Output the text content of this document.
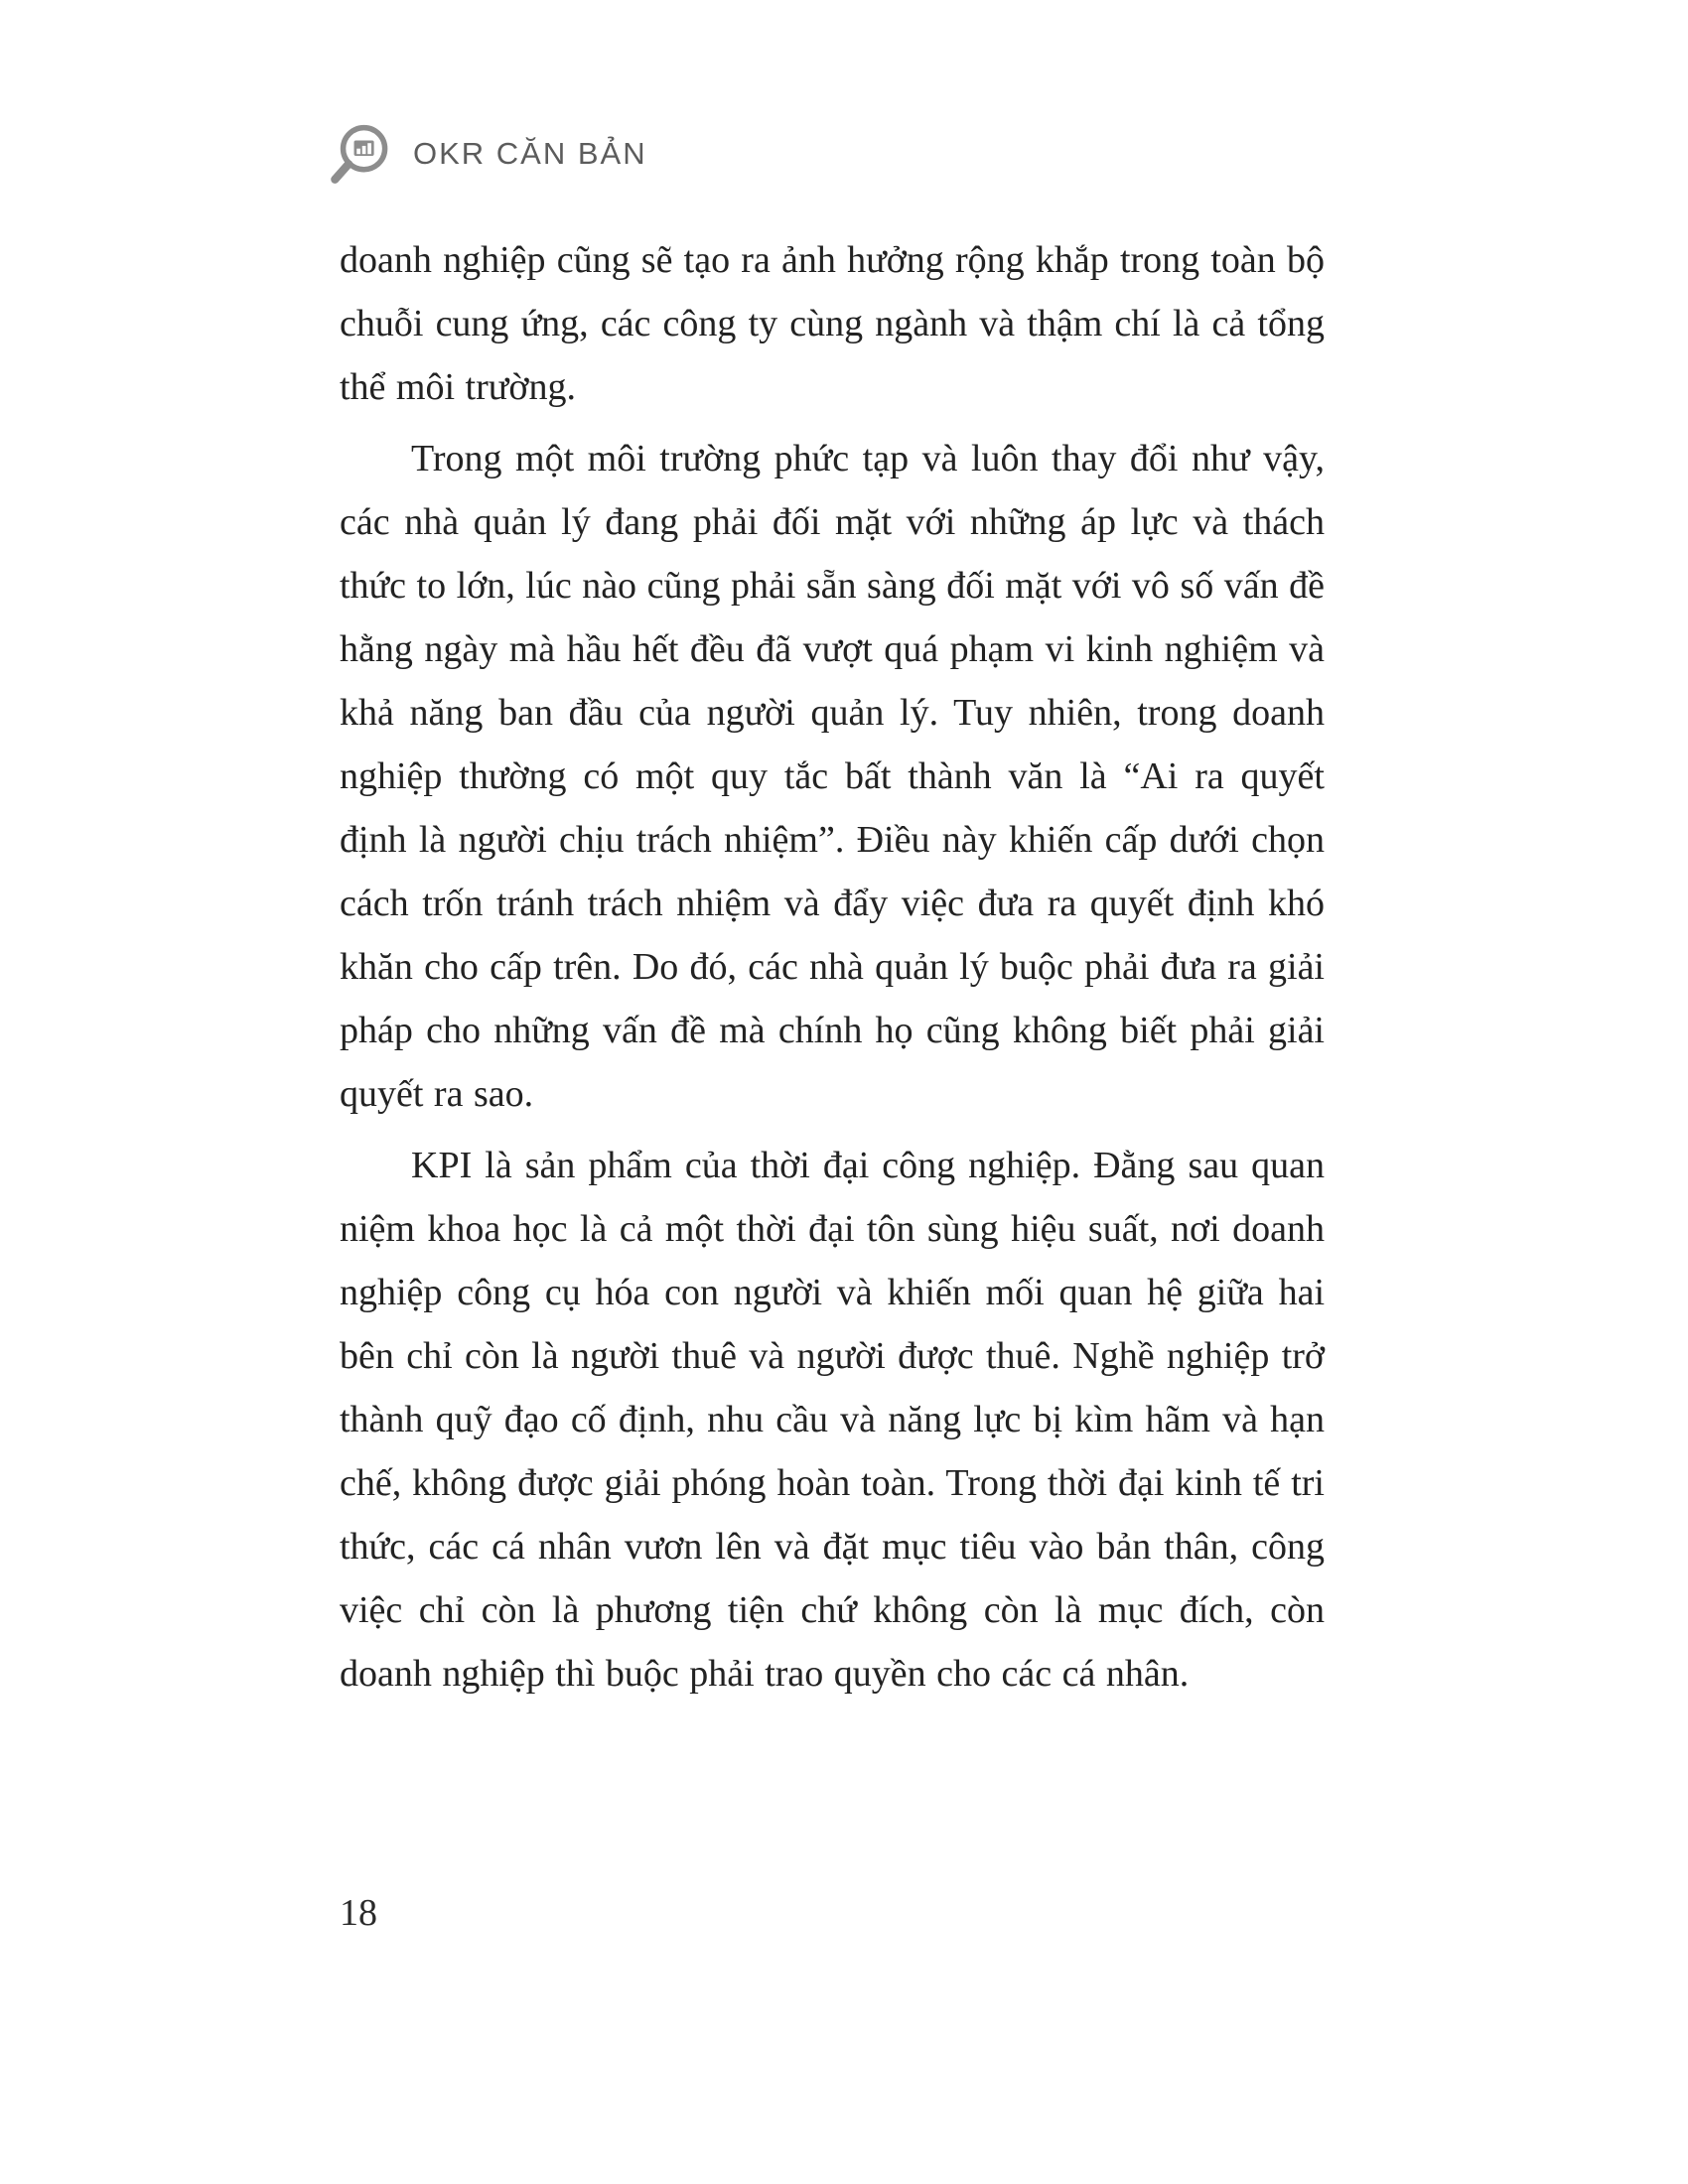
OKR CĂN BẢN

doanh nghiệp cũng sẽ tạo ra ảnh hưởng rộng khắp trong toàn bộ chuỗi cung ứng, các công ty cùng ngành và thậm chí là cả tổng thể môi trường.

Trong một môi trường phức tạp và luôn thay đổi như vậy, các nhà quản lý đang phải đối mặt với những áp lực và thách thức to lớn, lúc nào cũng phải sẵn sàng đối mặt với vô số vấn đề hằng ngày mà hầu hết đều đã vượt quá phạm vi kinh nghiệm và khả năng ban đầu của người quản lý. Tuy nhiên, trong doanh nghiệp thường có một quy tắc bất thành văn là “Ai ra quyết định là người chịu trách nhiệm”. Điều này khiến cấp dưới chọn cách trốn tránh trách nhiệm và đẩy việc đưa ra quyết định khó khăn cho cấp trên. Do đó, các nhà quản lý buộc phải đưa ra giải pháp cho những vấn đề mà chính họ cũng không biết phải giải quyết ra sao.

KPI là sản phẩm của thời đại công nghiệp. Đằng sau quan niệm khoa học là cả một thời đại tôn sùng hiệu suất, nơi doanh nghiệp công cụ hóa con người và khiến mối quan hệ giữa hai bên chỉ còn là người thuê và người được thuê. Nghề nghiệp trở thành quỹ đạo cố định, nhu cầu và năng lực bị kìm hãm và hạn chế, không được giải phóng hoàn toàn. Trong thời đại kinh tế tri thức, các cá nhân vươn lên và đặt mục tiêu vào bản thân, công việc chỉ còn là phương tiện chứ không còn là mục đích, còn doanh nghiệp thì buộc phải trao quyền cho các cá nhân.

18
